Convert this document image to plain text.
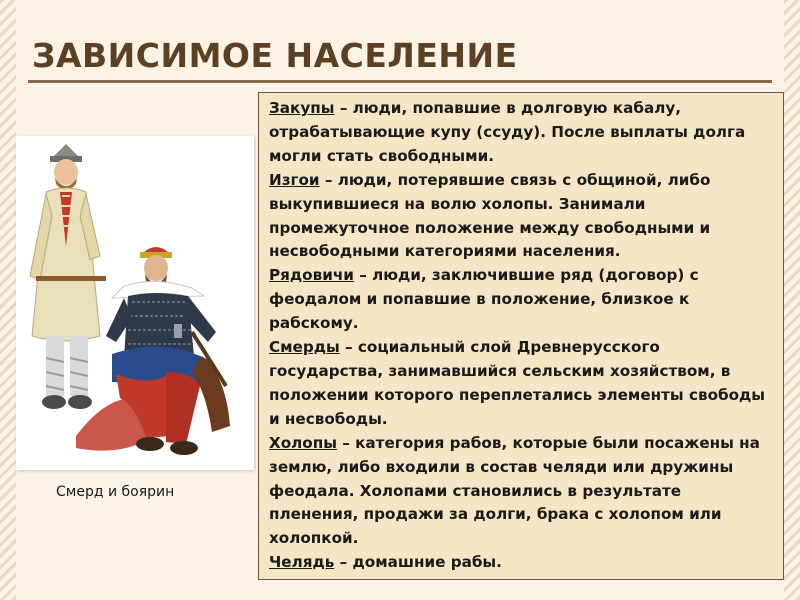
ЗАВИСИМОЕ НАСЕЛЕНИЕ
Смерд и боярин

Закупы – люди, попавшие в долговую кабалу, отрабатывающие купу (ссуду). После выплаты долга могли стать свободными.

Изгои – люди, потерявшие связь с общиной, либо выкупившиеся на волю холопы. Занимали промежуточное положение между свободными и несвободными категориями населения.

Рядовичи – люди, заключившие ряд (договор) с феодалом и попавшие в положение, близкое к рабскому.

Смерды – социальный слой Древнерусского государства, занимавшийся сельским хозяйством, в положении которого переплетались элементы свободы и несвободы.

Холопы – категория рабов, которые были посажены на землю, либо входили в состав челяди или дружины феодала. Холопами становились в результате пленения, продажи за долги, брака с холопом или холопкой.

Челядь – домашние рабы.
